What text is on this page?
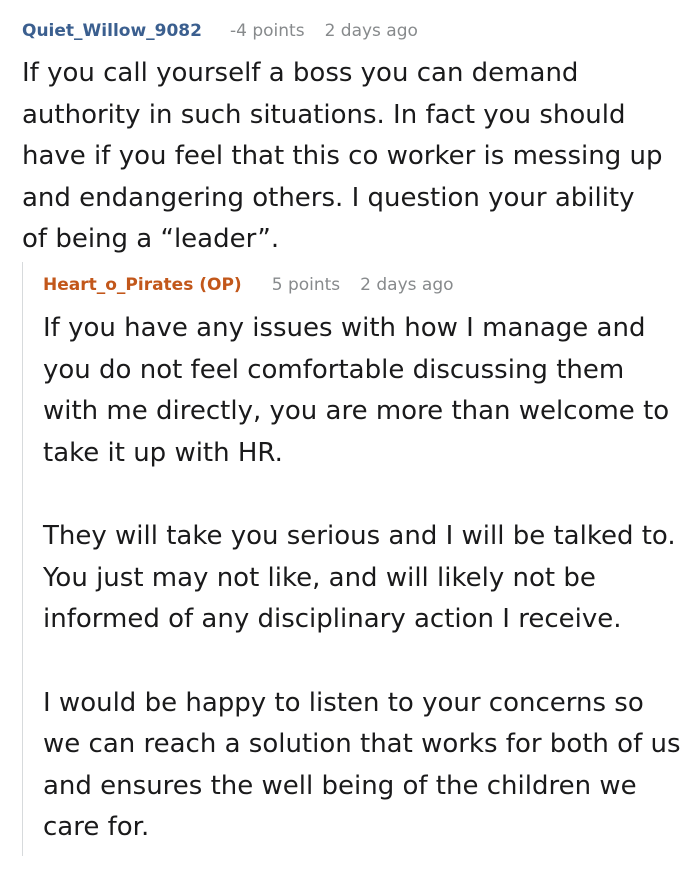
Quiet_Willow_9082 -4 points 2 days ago

If you call yourself a boss you can demand
authority in such situations. In fact you should
have if you feel that this co worker is messing up
and endangering others. I question your ability
of being a “leader”.

Heart_o_Pirates (OP) 5 points 2 days ago

If you have any issues with how I manage and
you do not feel comfortable discussing them
with me directly, you are more than welcome to
take it up with HR.

They will take you serious and I will be talked to.
You just may not like, and will likely not be
informed of any disciplinary action I receive.

I would be happy to listen to your concerns so
we can reach a solution that works for both of us
and ensures the well being of the children we
care for.
